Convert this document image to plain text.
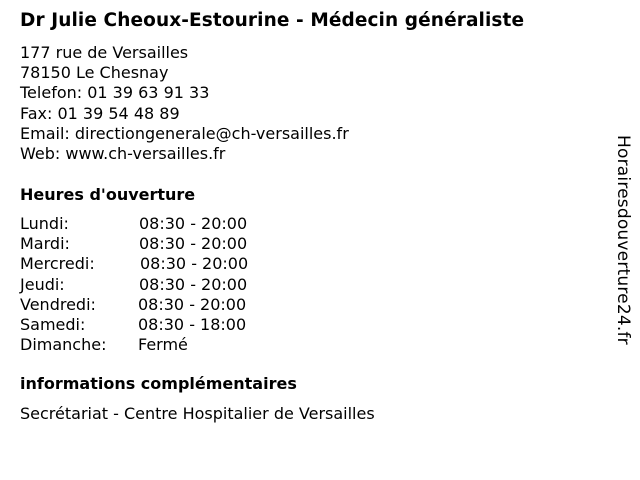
Dr Julie Cheoux-Estourine - Médecin généraliste
177 rue de Versailles
78150 Le Chesnay
Telefon: 01 39 63 91 33
Fax: 01 39 54 48 89
Email: directiongenerale@ch-versailles.fr
Web: www.ch-versailles.fr
Heures d'ouverture
Lundi:	08:30 - 20:00
Mardi:	08:30 - 20:00
Mercredi:	08:30 - 20:00
Jeudi:	08:30 - 20:00
Vendredi:	08:30 - 20:00
Samedi:	08:30 - 18:00
Dimanche: Fermé
informations complémentaires
Secrétariat - Centre Hospitalier de Versailles
Horairesdouverture24.fr
